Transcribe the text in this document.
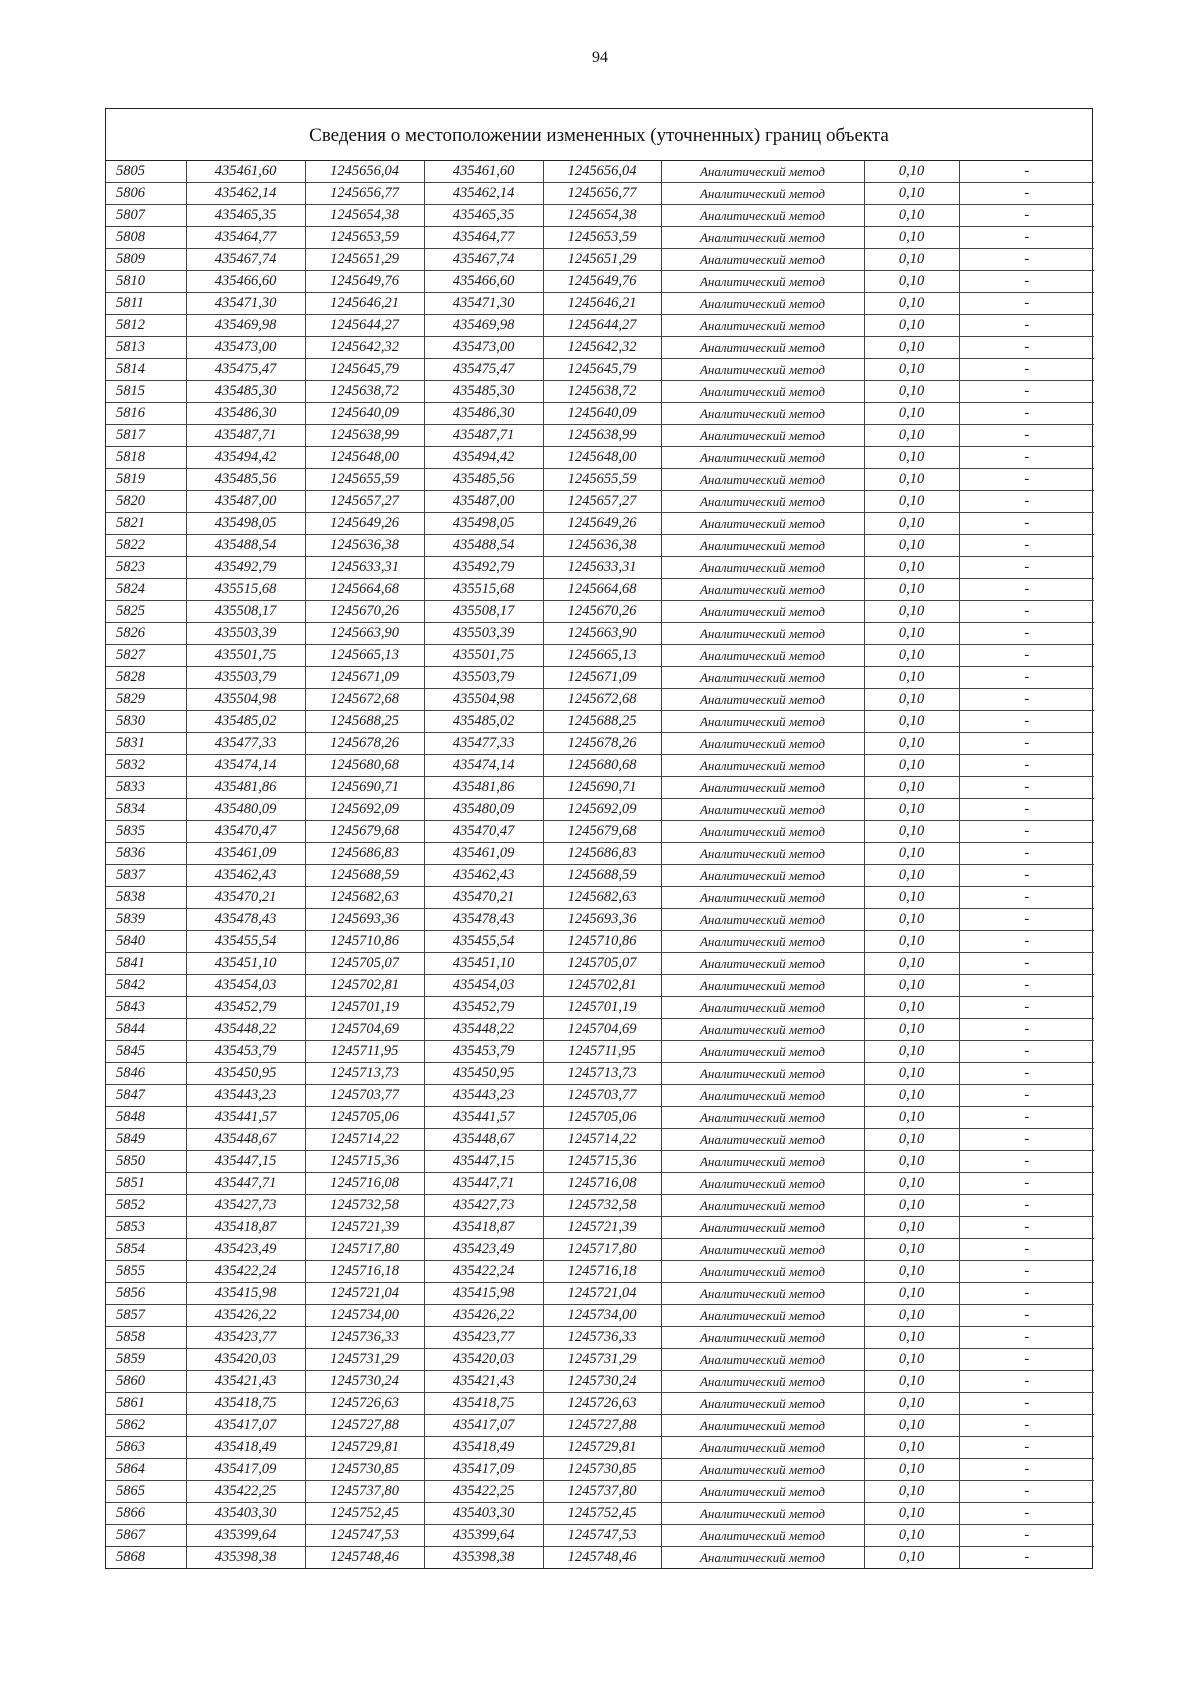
94
Сведения о местоположении измененных (уточненных) границ объекта
5805	435461,60	1245656,04	435461,60	1245656,04	Аналитический метод	0,10	-
5806	435462,14	1245656,77	435462,14	1245656,77	Аналитический метод	0,10	-
5807	435465,35	1245654,38	435465,35	1245654,38	Аналитический метод	0,10	-
5808	435464,77	1245653,59	435464,77	1245653,59	Аналитический метод	0,10	-
5809	435467,74	1245651,29	435467,74	1245651,29	Аналитический метод	0,10	-
5810	435466,60	1245649,76	435466,60	1245649,76	Аналитический метод	0,10	-
5811	435471,30	1245646,21	435471,30	1245646,21	Аналитический метод	0,10	-
5812	435469,98	1245644,27	435469,98	1245644,27	Аналитический метод	0,10	-
5813	435473,00	1245642,32	435473,00	1245642,32	Аналитический метод	0,10	-
5814	435475,47	1245645,79	435475,47	1245645,79	Аналитический метод	0,10	-
5815	435485,30	1245638,72	435485,30	1245638,72	Аналитический метод	0,10	-
5816	435486,30	1245640,09	435486,30	1245640,09	Аналитический метод	0,10	-
5817	435487,71	1245638,99	435487,71	1245638,99	Аналитический метод	0,10	-
5818	435494,42	1245648,00	435494,42	1245648,00	Аналитический метод	0,10	-
5819	435485,56	1245655,59	435485,56	1245655,59	Аналитический метод	0,10	-
5820	435487,00	1245657,27	435487,00	1245657,27	Аналитический метод	0,10	-
5821	435498,05	1245649,26	435498,05	1245649,26	Аналитический метод	0,10	-
5822	435488,54	1245636,38	435488,54	1245636,38	Аналитический метод	0,10	-
5823	435492,79	1245633,31	435492,79	1245633,31	Аналитический метод	0,10	-
5824	435515,68	1245664,68	435515,68	1245664,68	Аналитический метод	0,10	-
5825	435508,17	1245670,26	435508,17	1245670,26	Аналитический метод	0,10	-
5826	435503,39	1245663,90	435503,39	1245663,90	Аналитический метод	0,10	-
5827	435501,75	1245665,13	435501,75	1245665,13	Аналитический метод	0,10	-
5828	435503,79	1245671,09	435503,79	1245671,09	Аналитический метод	0,10	-
5829	435504,98	1245672,68	435504,98	1245672,68	Аналитический метод	0,10	-
5830	435485,02	1245688,25	435485,02	1245688,25	Аналитический метод	0,10	-
5831	435477,33	1245678,26	435477,33	1245678,26	Аналитический метод	0,10	-
5832	435474,14	1245680,68	435474,14	1245680,68	Аналитический метод	0,10	-
5833	435481,86	1245690,71	435481,86	1245690,71	Аналитический метод	0,10	-
5834	435480,09	1245692,09	435480,09	1245692,09	Аналитический метод	0,10	-
5835	435470,47	1245679,68	435470,47	1245679,68	Аналитический метод	0,10	-
5836	435461,09	1245686,83	435461,09	1245686,83	Аналитический метод	0,10	-
5837	435462,43	1245688,59	435462,43	1245688,59	Аналитический метод	0,10	-
5838	435470,21	1245682,63	435470,21	1245682,63	Аналитический метод	0,10	-
5839	435478,43	1245693,36	435478,43	1245693,36	Аналитический метод	0,10	-
5840	435455,54	1245710,86	435455,54	1245710,86	Аналитический метод	0,10	-
5841	435451,10	1245705,07	435451,10	1245705,07	Аналитический метод	0,10	-
5842	435454,03	1245702,81	435454,03	1245702,81	Аналитический метод	0,10	-
5843	435452,79	1245701,19	435452,79	1245701,19	Аналитический метод	0,10	-
5844	435448,22	1245704,69	435448,22	1245704,69	Аналитический метод	0,10	-
5845	435453,79	1245711,95	435453,79	1245711,95	Аналитический метод	0,10	-
5846	435450,95	1245713,73	435450,95	1245713,73	Аналитический метод	0,10	-
5847	435443,23	1245703,77	435443,23	1245703,77	Аналитический метод	0,10	-
5848	435441,57	1245705,06	435441,57	1245705,06	Аналитический метод	0,10	-
5849	435448,67	1245714,22	435448,67	1245714,22	Аналитический метод	0,10	-
5850	435447,15	1245715,36	435447,15	1245715,36	Аналитический метод	0,10	-
5851	435447,71	1245716,08	435447,71	1245716,08	Аналитический метод	0,10	-
5852	435427,73	1245732,58	435427,73	1245732,58	Аналитический метод	0,10	-
5853	435418,87	1245721,39	435418,87	1245721,39	Аналитический метод	0,10	-
5854	435423,49	1245717,80	435423,49	1245717,80	Аналитический метод	0,10	-
5855	435422,24	1245716,18	435422,24	1245716,18	Аналитический метод	0,10	-
5856	435415,98	1245721,04	435415,98	1245721,04	Аналитический метод	0,10	-
5857	435426,22	1245734,00	435426,22	1245734,00	Аналитический метод	0,10	-
5858	435423,77	1245736,33	435423,77	1245736,33	Аналитический метод	0,10	-
5859	435420,03	1245731,29	435420,03	1245731,29	Аналитический метод	0,10	-
5860	435421,43	1245730,24	435421,43	1245730,24	Аналитический метод	0,10	-
5861	435418,75	1245726,63	435418,75	1245726,63	Аналитический метод	0,10	-
5862	435417,07	1245727,88	435417,07	1245727,88	Аналитический метод	0,10	-
5863	435418,49	1245729,81	435418,49	1245729,81	Аналитический метод	0,10	-
5864	435417,09	1245730,85	435417,09	1245730,85	Аналитический метод	0,10	-
5865	435422,25	1245737,80	435422,25	1245737,80	Аналитический метод	0,10	-
5866	435403,30	1245752,45	435403,30	1245752,45	Аналитический метод	0,10	-
5867	435399,64	1245747,53	435399,64	1245747,53	Аналитический метод	0,10	-
5868	435398,38	1245748,46	435398,38	1245748,46	Аналитический метод	0,10	-
